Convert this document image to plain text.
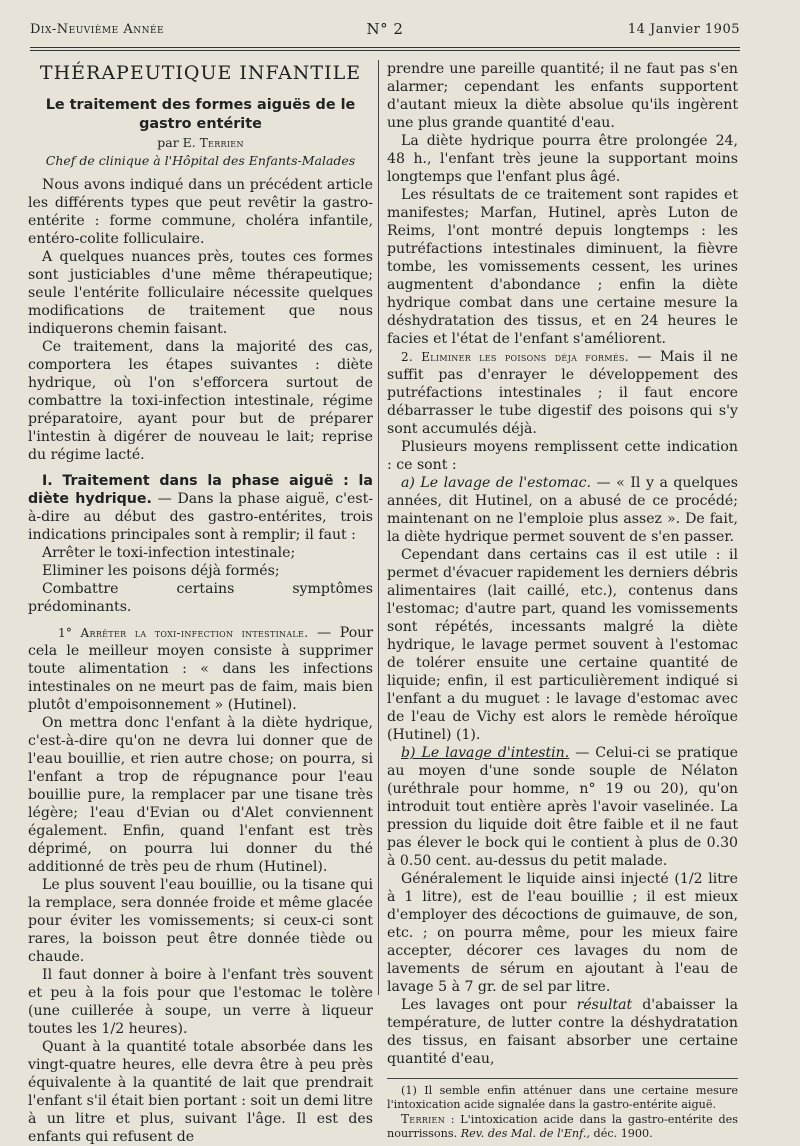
Dix-Neuvième Année	N° 2	14 Janvier 1905

THÉRAPEUTIQUE INFANTILE

Le traitement des formes aiguës de le gastro entérite

par E. Terrien

Chef de clinique à l'Hôpital des Enfants-Malades

Nous avons indiqué dans un précédent article les différents types que peut revêtir la gastro-entérite : forme commune, choléra infantile, entéro-colite folliculaire.

A quelques nuances près, toutes ces formes sont justiciables d'une même thérapeutique; seule l'entérite folliculaire nécessite quelques modifications de traitement que nous indiquerons chemin faisant.

Ce traitement, dans la majorité des cas, comportera les étapes suivantes : diète hydrique, où l'on s'efforcera surtout de combattre la toxi-infection intestinale, régime préparatoire, ayant pour but de préparer l'intestin à digérer de nouveau le lait; reprise du régime lacté.

I. Traitement dans la phase aiguë : la diète hydrique. — Dans la phase aiguë, c'est-à-dire au début des gastro-entérites, trois indications principales sont à remplir; il faut :

Arrêter le toxi-infection intestinale;

Eliminer les poisons déjà formés;

Combattre certains symptômes prédominants.

1° Arrêter la toxi-infection intestinale. — Pour cela le meilleur moyen consiste à supprimer toute alimentation : « dans les infections intestinales on ne meurt pas de faim, mais bien plutôt d'empoisonnement » (Hutinel).

On mettra donc l'enfant à la diète hydrique, c'est-à-dire qu'on ne devra lui donner que de l'eau bouillie, et rien autre chose; on pourra, si l'enfant a trop de répugnance pour l'eau bouillie pure, la remplacer par une tisane très légère; l'eau d'Evian ou d'Alet conviennent également. Enfin, quand l'enfant est très déprimé, on pourra lui donner du thé additionné de très peu de rhum (Hutinel).

Le plus souvent l'eau bouillie, ou la tisane qui la remplace, sera donnée froide et même glacée pour éviter les vomissements; si ceux-ci sont rares, la boisson peut être donnée tiède ou chaude.

Il faut donner à boire à l'enfant très souvent et peu à la fois pour que l'estomac le tolère (une cuillerée à soupe, un verre à liqueur toutes les 1/2 heures).

Quant à la quantité totale absorbée dans les vingt-quatre heures, elle devra être à peu près équivalente à la quantité de lait que prendrait l'enfant s'il était bien portant : soit un demi litre à un litre et plus, suivant l'âge. Il est des enfants qui refusent de

prendre une pareille quantité; il ne faut pas s'en alarmer; cependant les enfants supportent d'autant mieux la diète absolue qu'ils ingèrent une plus grande quantité d'eau.

La diète hydrique pourra être prolongée 24, 48 h., l'enfant très jeune la supportant moins longtemps que l'enfant plus âgé.

Les résultats de ce traitement sont rapides et manifestes; Marfan, Hutinel, après Luton de Reims, l'ont montré depuis longtemps : les putréfactions intestinales diminuent, la fièvre tombe, les vomissements cessent, les urines augmentent d'abondance ; enfin la diète hydrique combat dans une certaine mesure la déshydratation des tissus, et en 24 heures le facies et l'état de l'enfant s'améliorent.

2. Eliminer les poisons déja formés. — Mais il ne suffit pas d'enrayer le développement des putréfactions intestinales ; il faut encore débarrasser le tube digestif des poisons qui s'y sont accumulés déjà.

Plusieurs moyens remplissent cette indication : ce sont :

a) Le lavage de l'estomac. — « Il y a quelques années, dit Hutinel, on a abusé de ce procédé; maintenant on ne l'emploie plus assez ». De fait, la diète hydrique permet souvent de s'en passer.

Cependant dans certains cas il est utile : il permet d'évacuer rapidement les derniers débris alimentaires (lait caillé, etc.), contenus dans l'estomac; d'autre part, quand les vomissements sont répétés, incessants malgré la diète hydrique, le lavage permet souvent à l'estomac de tolérer ensuite une certaine quantité de liquide; enfin, il est particulièrement indiqué si l'enfant a du muguet : le lavage d'estomac avec de l'eau de Vichy est alors le remède héroïque (Hutinel) (1).

b) Le lavage d'intestin. — Celui-ci se pratique au moyen d'une sonde souple de Nélaton (uréthrale pour homme, n° 19 ou 20), qu'on introduit tout entière après l'avoir vaselinée. La pression du liquide doit être faible et il ne faut pas élever le bock qui le contient à plus de 0.30 à 0.50 cent. au-dessus du petit malade.

Généralement le liquide ainsi injecté (1/2 litre à 1 litre), est de l'eau bouillie ; il est mieux d'employer des décoctions de guimauve, de son, etc. ; on pourra même, pour les mieux faire accepter, décorer ces lavages du nom de lavements de sérum en ajoutant à l'eau de lavage 5 à 7 gr. de sel par litre.

Les lavages ont pour résultat d'abaisser la température, de lutter contre la déshydratation des tissus, en faisant absorber une certaine quantité d'eau,

(1) Il semble enfin atténuer dans une certaine mesure l'intoxication acide signalée dans la gastro-entérite aiguë.

Terrien : L'intoxication acide dans la gastro-entérite des nourrissons. Rev. des Mal. de l'Enf., déc. 1900.
